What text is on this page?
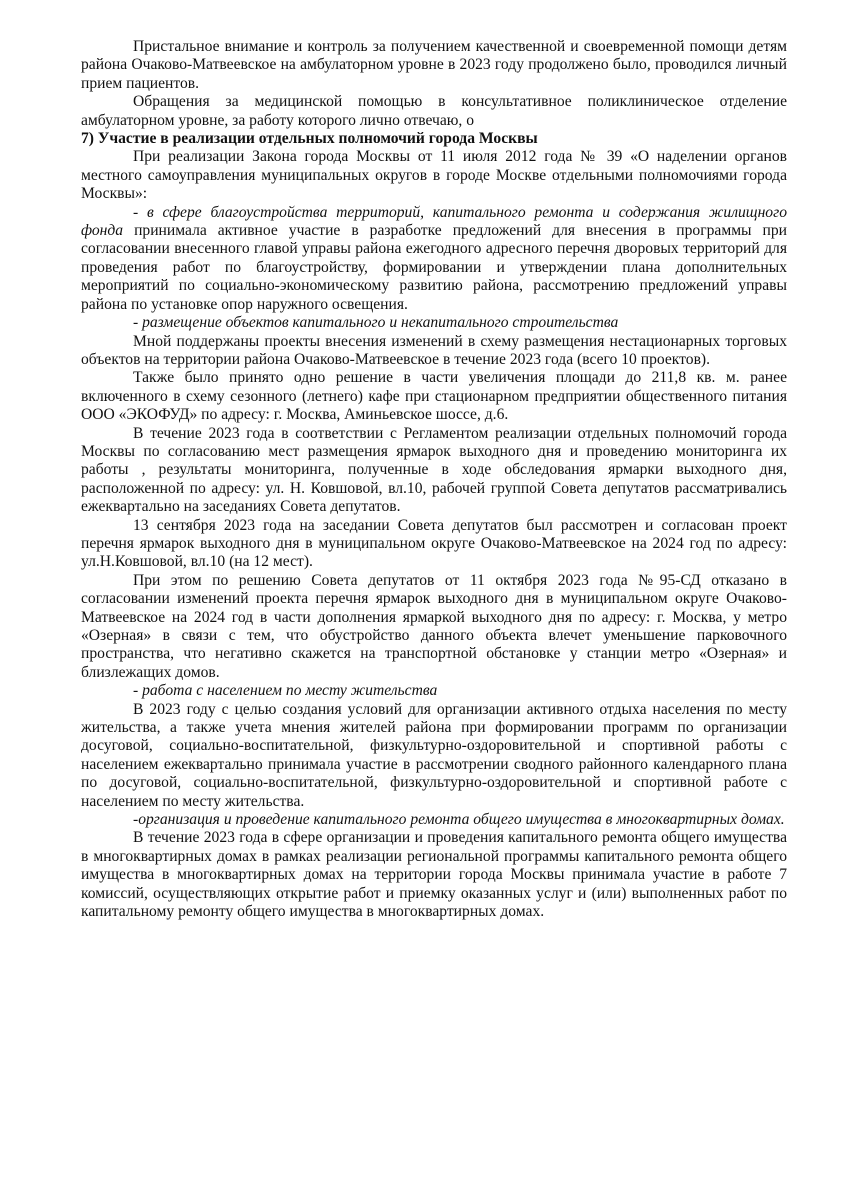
Пристальное внимание и контроль за получением качественной и своевременной помощи детям района Очаково-Матвеевское на амбулаторном уровне в 2023 году продолжено было, проводился личный прием пациентов.

Обращения за медицинской помощью в консультативное поликлиническое отделение амбулаторном уровне, за работу которого лично отвечаю, о

7) Участие в реализации отдельных полномочий города Москвы

При реализации Закона города Москвы от 11 июля 2012 года № 39 «О наделении органов местного самоуправления муниципальных округов в городе Москве отдельными полномочиями города Москвы»:

- в сфере благоустройства территорий, капитального ремонта и содержания жилищного фонда принимала активное участие в разработке предложений для внесения в программы при согласовании внесенного главой управы района ежегодного адресного перечня дворовых территорий для проведения работ по благоустройству, формировании и утверждении плана дополнительных мероприятий по социально-экономическому развитию района, рассмотрению предложений управы района по установке опор наружного освещения.

- размещение объектов капитального и некапитального строительства

Мной поддержаны проекты внесения изменений в схему размещения нестационарных торговых объектов на территории района Очаково-Матвеевское в течение 2023 года (всего 10 проектов).

Также было принято одно решение в части увеличения площади до 211,8 кв. м. ранее включенного в схему сезонного (летнего) кафе при стационарном предприятии общественного питания ООО «ЭКОФУД» по адресу: г. Москва, Аминьевское шоссе, д.6.

В течение 2023 года в соответствии с Регламентом реализации отдельных полномочий города Москвы по согласованию мест размещения ярмарок выходного дня и проведению мониторинга их работы , результаты мониторинга, полученные в ходе обследования ярмарки выходного дня, расположенной по адресу: ул. Н. Ковшовой, вл.10, рабочей группой Совета депутатов рассматривались ежеквартально на заседаниях Совета депутатов.

13 сентября 2023 года на заседании Совета депутатов был рассмотрен и согласован проект перечня ярмарок выходного дня в муниципальном округе Очаково-Матвеевское на 2024 год по адресу: ул.Н.Ковшовой, вл.10 (на 12 мест).

При этом по решению Совета депутатов от 11 октября 2023 года №95-СД отказано в согласовании изменений проекта перечня ярмарок выходного дня в муниципальном округе Очаково-Матвеевское на 2024 год в части дополнения ярмаркой выходного дня по адресу: г. Москва, у метро «Озерная» в связи с тем, что обустройство данного объекта влечет уменьшение парковочного пространства, что негативно скажется на транспортной обстановке у станции метро «Озерная» и близлежащих домов.

- работа с населением по месту жительства

В 2023 году с целью создания условий для организации активного отдыха населения по месту жительства, а также учета мнения жителей района при формировании программ по организации досуговой, социально-воспитательной, физкультурно-оздоровительной и спортивной работы с населением ежеквартально принимала участие в рассмотрении сводного районного календарного плана по досуговой, социально-воспитательной, физкультурно-оздоровительной и спортивной работе с населением по месту жительства.

-организация и проведение капитального ремонта общего имущества в многоквартирных домах.

В течение 2023 года в сфере организации и проведения капитального ремонта общего имущества в многоквартирных домах в рамках реализации региональной программы капитального ремонта общего имущества в многоквартирных домах на территории города Москвы принимала участие в работе 7 комиссий, осуществляющих открытие работ и приемку оказанных услуг и (или) выполненных работ по капитальному ремонту общего имущества в многоквартирных домах.
